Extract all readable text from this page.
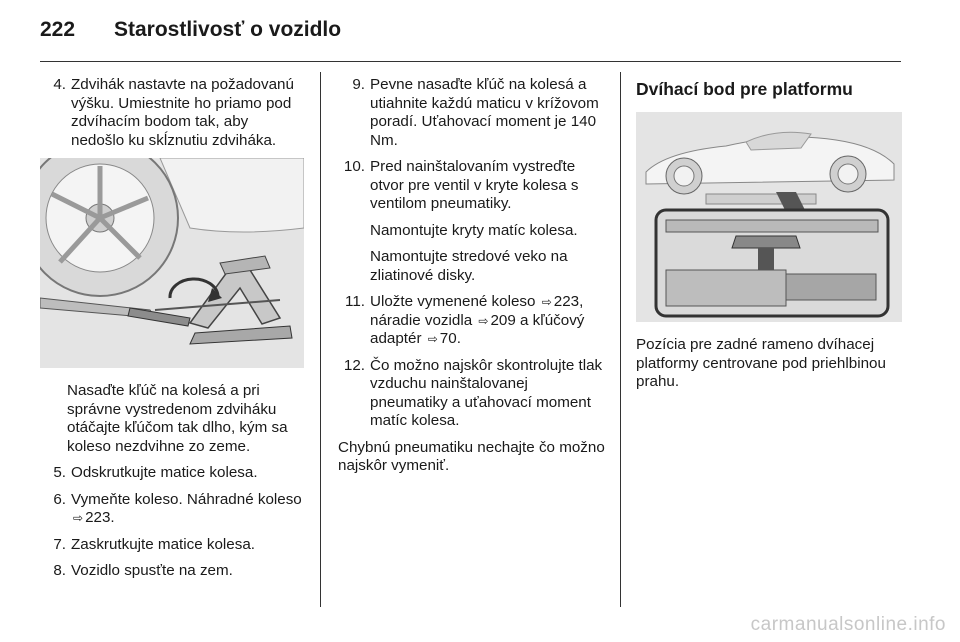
222	Starostlivosť o vozidlo
4. Zdvihák nastavte na požadovanú výšku. Umiestnite ho priamo pod zdvíhacím bodom tak, aby nedošlo ku skĺznutiu zdviháka.
Nasaďte kľúč na kolesá a pri správne vystredenom zdviháku otáčajte kľúčom tak dlho, kým sa koleso nezdvihne zo zeme.
5. Odskrutkujte matice kolesa.
6. Vymeňte koleso. Náhradné koleso ⇨ 223.
7. Zaskrutkujte matice kolesa.
8. Vozidlo spusťte na zem.
9. Pevne nasaďte kľúč na kolesá a utiahnite každú maticu v krížovom poradí. Uťahovací moment je 140 Nm.
10. Pred nainštalovaním vystreďte otvor pre ventil v kryte kolesa s ventilom pneumatiky.
Namontujte kryty matíc kolesa.
Namontujte stredové veko na zliatinové disky.
11. Uložte vymenené koleso ⇨ 223, náradie vozidla ⇨ 209 a kľúčový adaptér ⇨ 70.
12. Čo možno najskôr skontrolujte tlak vzduchu nainštalovanej pneumatiky a uťahovací moment matíc kolesa.
Chybnú pneumatiku nechajte čo možno najskôr vymeniť.
Dvíhací bod pre platformu
Pozícia pre zadné rameno dvíhacej platformy centrovane pod priehlbinou prahu.
carmanualsonline.info
